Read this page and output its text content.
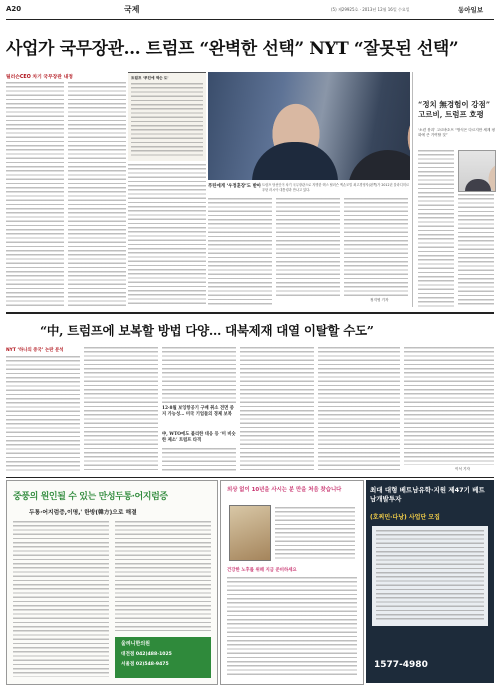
A20	국제	(5) 제29925호 · 2013년 12월 16일 수요일	동아일보
사업가 국무장관… 트럼프 “완벽한 선택” NYT “잘못된 선택”
틸러슨CEO 차기 국무장관 내정	트럼프 ‘푸틴에 엑슨 도'
푸틴에게 ‘우정훈장’도 받아 트럼프 당선인이 차기 국무장관으로 지명한 렉스 틸러슨 엑손모빌 최고경영자(왼쪽)가 2012년 블라디미르 푸틴 러시아 대통령과 만나고 있다.
정지영 기자
“정치 無경험이 강점” 고르비, 트럼프 호평
‘소련 붕괴’ 고르바초프 “방식은 다르지만 세계 평화에 큰 기여할 것”
“中, 트럼프에 보복할 방법 다양… 대북제재 대열 이탈할 수도”
NYT ‘하나의 중국’ 논란 분석
12·8월 보잉항공기 구매 취소 전면 중지 가능성… 미국 기업들의 경제 보복
中, WTO에도 불리한 대응 등 ‘미 비슷한 제소’ 트럼프 타격
이석 기자
중풍의 원인될 수 있는 만성두통·어지럼증
두통·어지럼증,이명,' 한방(韓方)으로 해결
울려니한의원
대전점 042)488-1025
서울점 02)548-9475
외상 없이 10년을 사시는 분 만을 처음 찾습니다
건강한 노후를 위해 지금 준비하세요
최대 대형 베트남유학·지원 제47기 베트남개발투자
(호찌민·다낭) 사업단 모집
1577-4980
